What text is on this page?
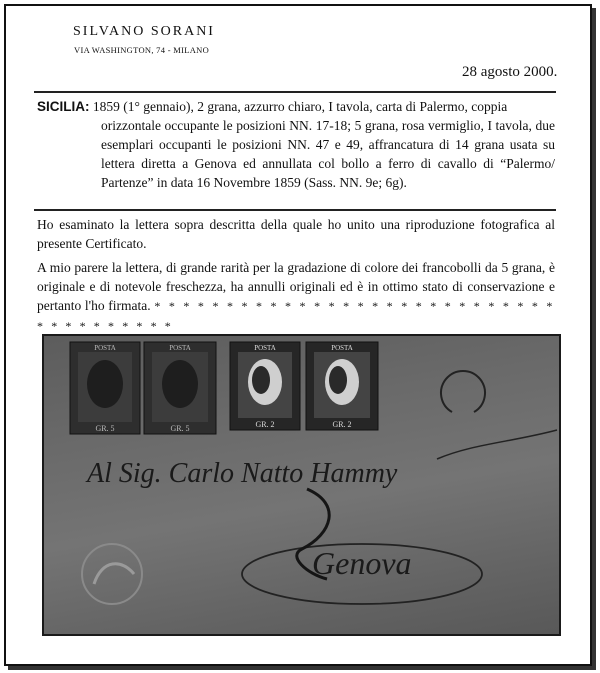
SILVANO SORANI
VIA WASHINGTON, 74 - MILANO
28 agosto 2000.
SICILIA: 1859 (1° gennaio), 2 grana, azzurro chiaro, I tavola, carta di Palermo, coppia
orizzontale occupante le posizioni NN. 17-18; 5 grana, rosa vermiglio, I tavola, due esemplari occupanti le posizioni NN. 47 e 49, affrancatura di 14 grana usata su lettera diretta a Genova ed annullata col bollo a ferro di cavallo di “Palermo/ Partenze” in data 16 Novembre 1859 (Sass. NN. 9e; 6g).
Ho esaminato la lettera sopra descritta della quale ho unito una riproduzione fotografica al presente Certificato.
A mio parere la lettera, di grande rarità per la gradazione di colore dei francobolli da 5 grana, è originale e di notevole freschezza, ha annulli originali ed è in ottimo stato di conservazione e pertanto l'ho firmata. * * * * * * * * * * * * * * * * * * * * * * * * * * * * * * * * * * * * * *
POSTA
GR. 5
POSTA
GR. 5
POSTA
GR. 2
POSTA
GR. 2
Al Sig. Carlo Natto Hammy
Genova
